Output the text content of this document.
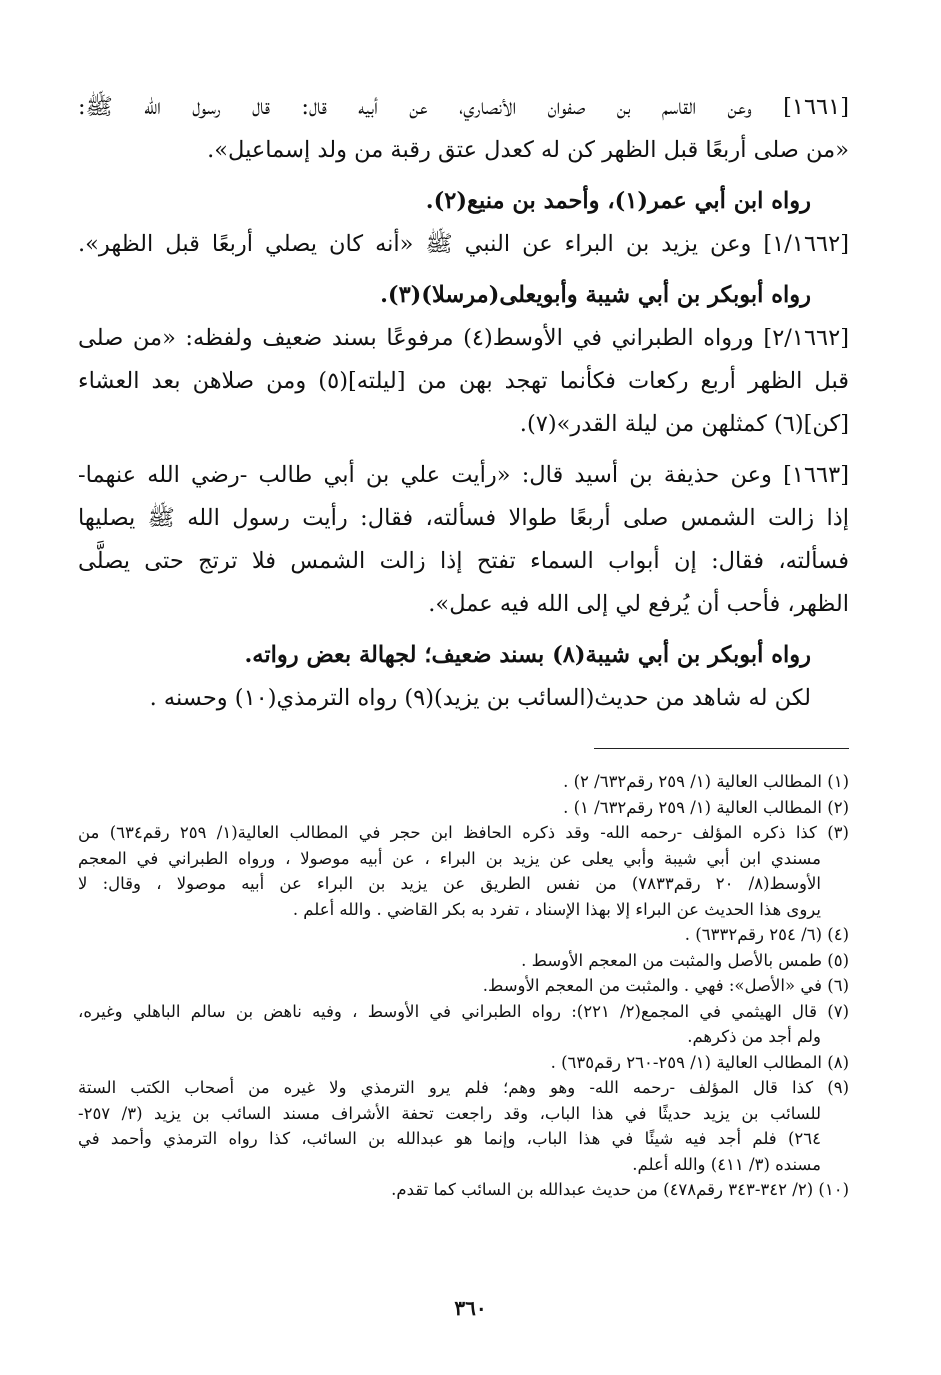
[١٦٦١] وعن القاسم بن صفوان الأنصاري، عن أبيه قال: قال رسول الله ﷺ:
«من صلى أربعًا قبل الظهر كن له كعدل عتق رقبة من ولد إسماعيل».
رواه ابن أبي عمر(١)، وأحمد بن منيع(٢).
[١/١٦٦٢] وعن يزيد بن البراء عن النبي ﷺ «أنه كان يصلي أربعًا قبل الظهر».
رواه أبوبكر بن أبي شيبة وأبويعلى(مرسلا)(٣).
[٢/١٦٦٢] ورواه الطبراني في الأوسط(٤) مرفوعًا بسند ضعيف ولفظه: «من صلى
قبل الظهر أربع ركعات فكأنما تهجد بهن من [ليلته](٥) ومن صلاهن بعد العشاء
[كن](٦) كمثلهن من ليلة القدر»(٧).
[١٦٦٣] وعن حذيفة بن أسيد قال: «رأيت علي بن أبي طالب -رضي الله عنهما-
إذا زالت الشمس صلى أربعًا طوالا فسألته، فقال: رأيت رسول الله ﷺ يصليها
فسألته، فقال: إن أبواب السماء تفتح إذا زالت الشمس فلا ترتج حتى يصلَّى
الظهر، فأحب أن يُرفع لي إلى الله فيه عمل».
رواه أبوبكر بن أبي شيبة(٨) بسند ضعيف؛ لجهالة بعض رواته.
لكن له شاهد من حديث(السائب بن يزيد)(٩) رواه الترمذي(١٠) وحسنه .
(١) المطالب العالية (١/ ٢٥٩ رقم٦٣٢/ ٢) .
(٢) المطالب العالية (١/ ٢٥٩ رقم٦٣٢/ ١) .
(٣) كذا ذكره المؤلف -رحمه الله- وقد ذكره الحافظ ابن حجر في المطالب العالية(١/ ٢٥٩ رقم٦٣٤) من
مسندي ابن أبي شيبة وأبي يعلى عن يزيد بن البراء ، عن أبيه موصولا ، ورواه الطبراني في المعجم
الأوسط(٨/ ٢٠ رقم٧٨٣٣) من نفس الطريق عن يزيد بن البراء عن أبيه موصولا ، وقال: لا
يروى هذا الحديث عن البراء إلا بهذا الإسناد ، تفرد به بكر القاضي . والله أعلم .
(٤) (٦/ ٢٥٤ رقم٦٣٣٢) .
(٥) طمس بالأصل والمثبت من المعجم الأوسط .
(٦) في «الأصل»: فهي . والمثبت من المعجم الأوسط.
(٧) قال الهيثمي في المجمع(٢/ ٢٢١): رواه الطبراني في الأوسط ، وفيه ناهض بن سالم الباهلي وغيره،
ولم أجد من ذكرهم.
(٨) المطالب العالية (١/ ٢٥٩-٢٦٠ رقم٦٣٥) .
(٩) كذا قال المؤلف -رحمه الله- وهو وهم؛ فلم يرو الترمذي ولا غيره من أصحاب الكتب الستة
للسائب بن يزيد حديثًا في هذا الباب، وقد راجعت تحفة الأشراف مسند السائب بن يزيد (٣/ ٢٥٧-
٢٦٤) فلم أجد فيه شيئًا في هذا الباب، وإنما هو عبدالله بن السائب، كذا رواه الترمذي وأحمد في
مسنده (٣/ ٤١١) والله أعلم.
(١٠) (٢/ ٣٤٢-٣٤٣ رقم٤٧٨) من حديث عبدالله بن السائب كما تقدم.
٣٦٠
